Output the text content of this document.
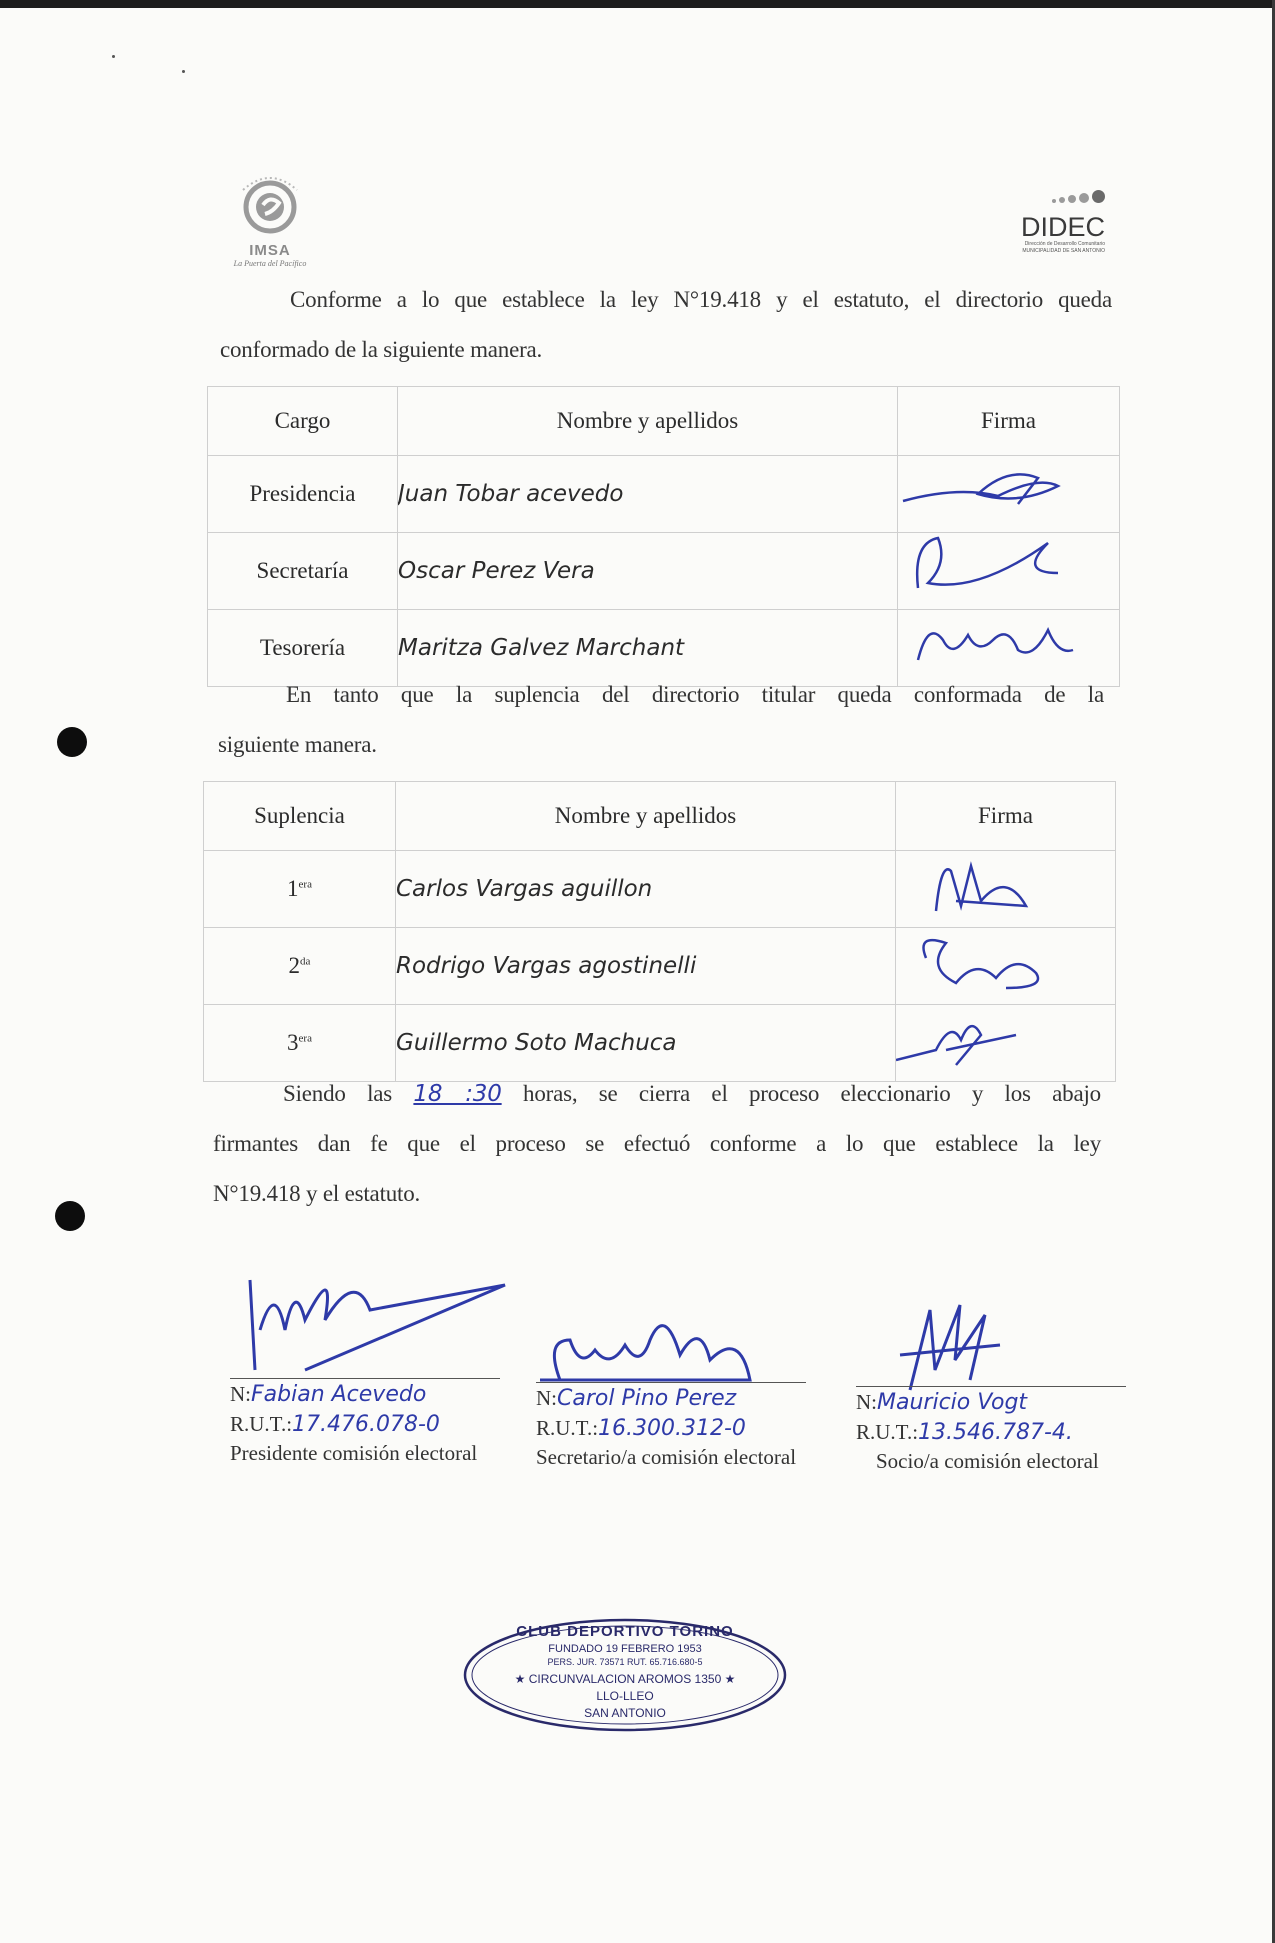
IMSA
La Puerta del Pacífico
DIDEC
Dirección de Desarrollo Comunitario
MUNICIPALIDAD DE SAN ANTONIO
Conforme a lo que establece la ley N°19.418 y el estatuto, el directorio queda
conformado de la siguiente manera.
Cargo	Nombre y apellidos	Firma
Presidencia	Juan Tobar acevedo	
Secretaría	Oscar Perez Vera	
Tesorería	Maritza Galvez Marchant	
En tanto que la suplencia del directorio titular queda conformada de la
siguiente manera.
Suplencia	Nombre y apellidos	Firma
$1^{era}$	Carlos Vargas aguillon	
$2^{da}$	Rodrigo Vargas agostinelli	
$3^{era}$	Guillermo Soto Machuca	
Siendo las 18 :30 horas, se cierra el proceso eleccionario y los abajo
firmantes dan fe que el proceso se efectuó conforme a lo que establece la ley
N°19.418 y el estatuto.
N:Fabian Acevedo
R.U.T.:17.476.078-0
Presidente comisión electoral
N:Carol Pino Perez
R.U.T.:16.300.312-0
Secretario/a comisión electoral
N:Mauricio Vogt
R.U.T.:13.546.787-4.
Socio/a comisión electoral
CLUB DEPORTIVO TORINO
FUNDADO 19 FEBRERO 1953
PERS. JUR. 73571 RUT. 65.716.680-5
★ CIRCUNVALACION AROMOS 1350 ★
LLO-LLEO
SAN ANTONIO
